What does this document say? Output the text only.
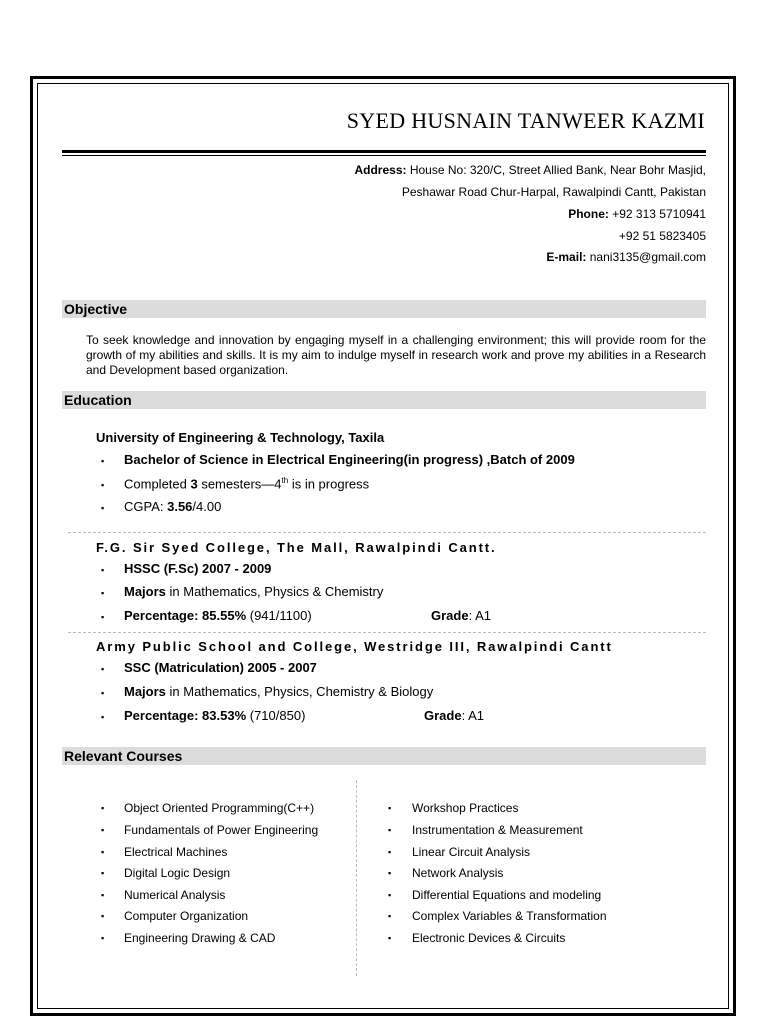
SYED HUSNAIN TANWEER KAZMI
Address: House No: 320/C, Street Allied Bank, Near Bohr Masjid,
Peshawar Road Chur-Harpal, Rawalpindi Cantt, Pakistan
Phone: +92 313 5710941
+92 51 5823405
E-mail: nani3135@gmail.com
Objective
To seek knowledge and innovation by engaging myself in a challenging environment; this will provide room for the growth of my abilities and skills. It is my aim to indulge myself in research work and prove my abilities in a Research and Development based organization.
Education
University of Engineering & Technology, Taxila
▪ Bachelor of Science in Electrical Engineering(in progress) ,Batch of 2009
▪ Completed 3 semesters—4th is in progress
▪ CGPA: 3.56/4.00
F.G. Sir Syed College, The Mall, Rawalpindi Cantt.
▪ HSSC (F.Sc) 2007 - 2009
▪ Majors in Mathematics, Physics & Chemistry
▪ Percentage: 85.55% (941/1100)	Grade: A1
Army Public School and College, Westridge III, Rawalpindi Cantt
▪ SSC (Matriculation) 2005 - 2007
▪ Majors in Mathematics, Physics, Chemistry & Biology
▪ Percentage: 83.53% (710/850)	Grade: A1
Relevant Courses
▪ Object Oriented Programming(C++)
▪ Fundamentals of Power Engineering
▪ Electrical Machines
▪ Digital Logic Design
▪ Numerical Analysis
▪ Computer Organization
▪ Engineering Drawing & CAD
▪ Workshop Practices
▪ Instrumentation & Measurement
▪ Linear Circuit Analysis
▪ Network Analysis
▪ Differential Equations and modeling
▪ Complex Variables & Transformation
▪ Electronic Devices & Circuits
